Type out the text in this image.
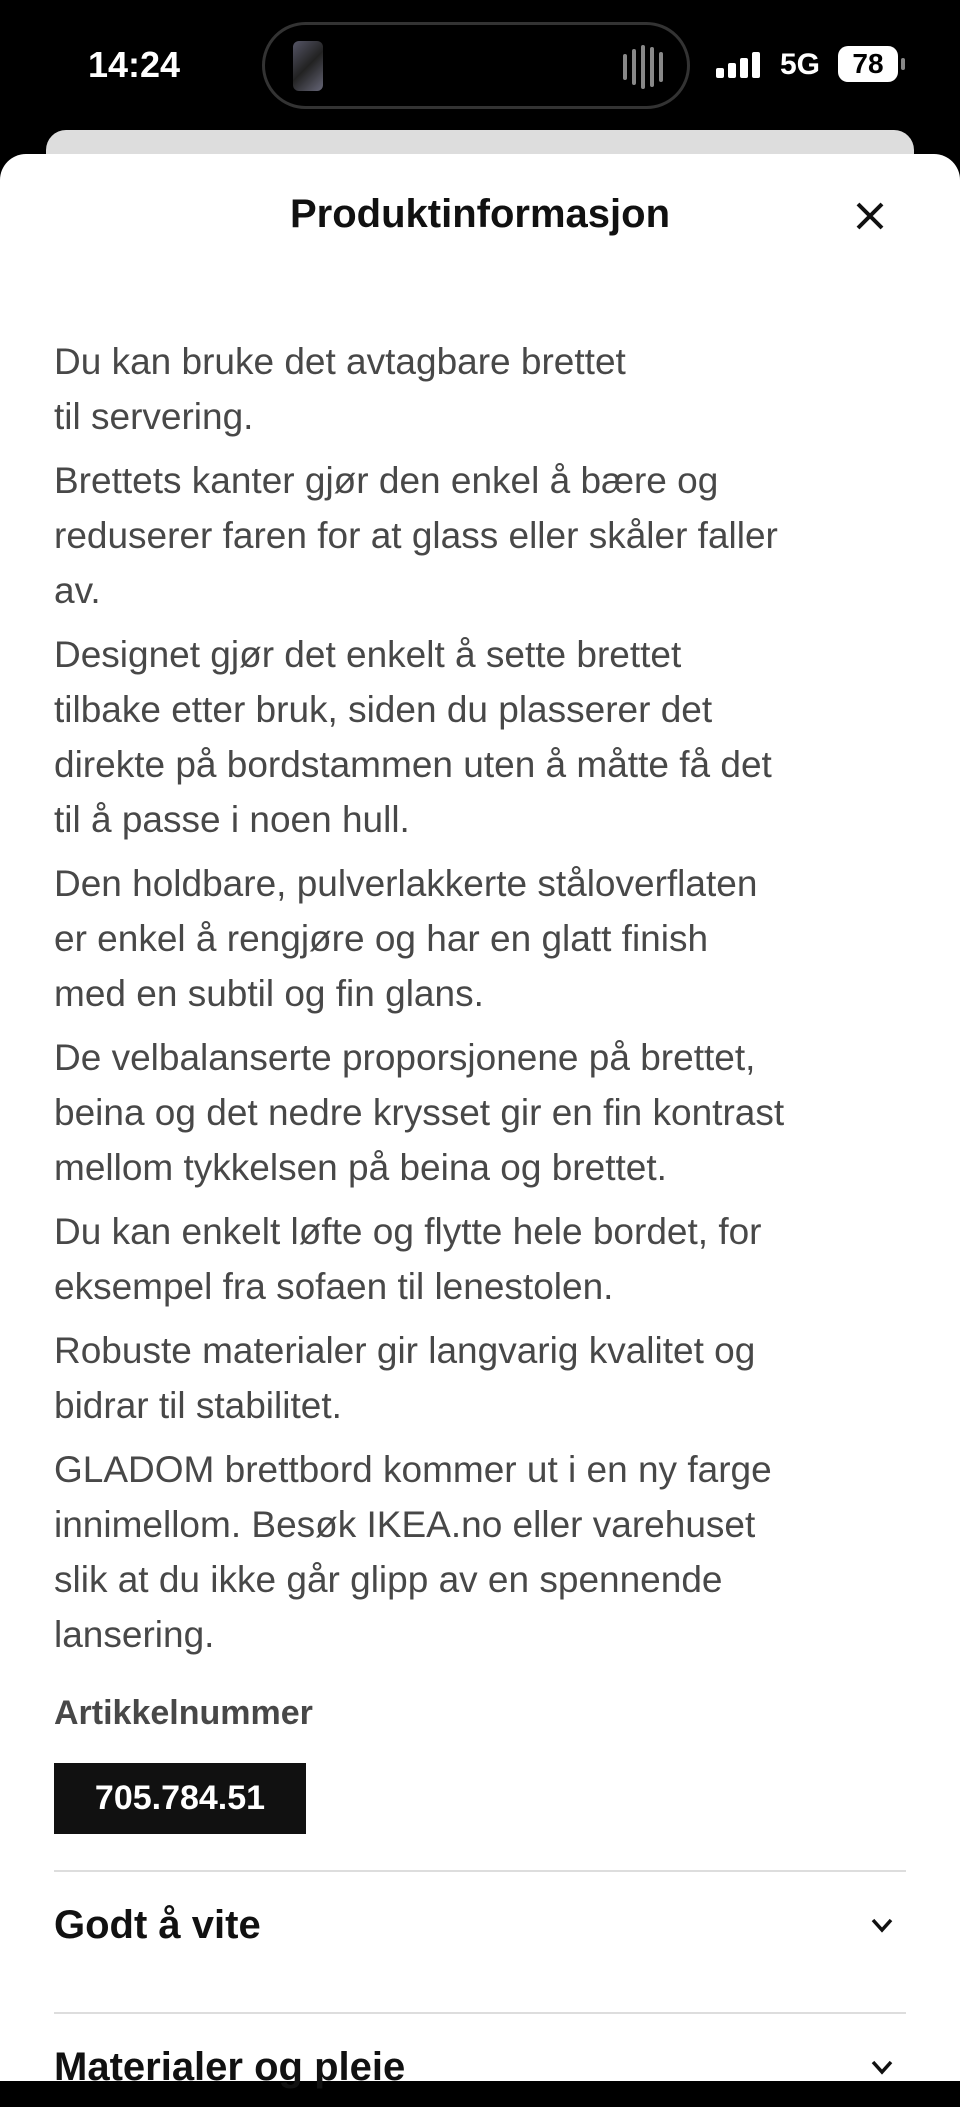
14:24	5G	78
Produktinformasjon
Du kan bruke det avtagbare brettet
til servering.
Brettets kanter gjør den enkel å bære og
reduserer faren for at glass eller skåler faller
av.
Designet gjør det enkelt å sette brettet
tilbake etter bruk, siden du plasserer det
direkte på bordstammen uten å måtte få det
til å passe i noen hull.
Den holdbare, pulverlakkerte ståloverflaten
er enkel å rengjøre og har en glatt finish
med en subtil og fin glans.
De velbalanserte proporsjonene på brettet,
beina og det nedre krysset gir en fin kontrast
mellom tykkelsen på beina og brettet.
Du kan enkelt løfte og flytte hele bordet, for
eksempel fra sofaen til lenestolen.
Robuste materialer gir langvarig kvalitet og
bidrar til stabilitet.
GLADOM brettbord kommer ut i en ny farge
innimellom. Besøk IKEA.no eller varehuset
slik at du ikke går glipp av en spennende
lansering.
Artikkelnummer
705.784.51
Godt å vite
Materialer og pleie
